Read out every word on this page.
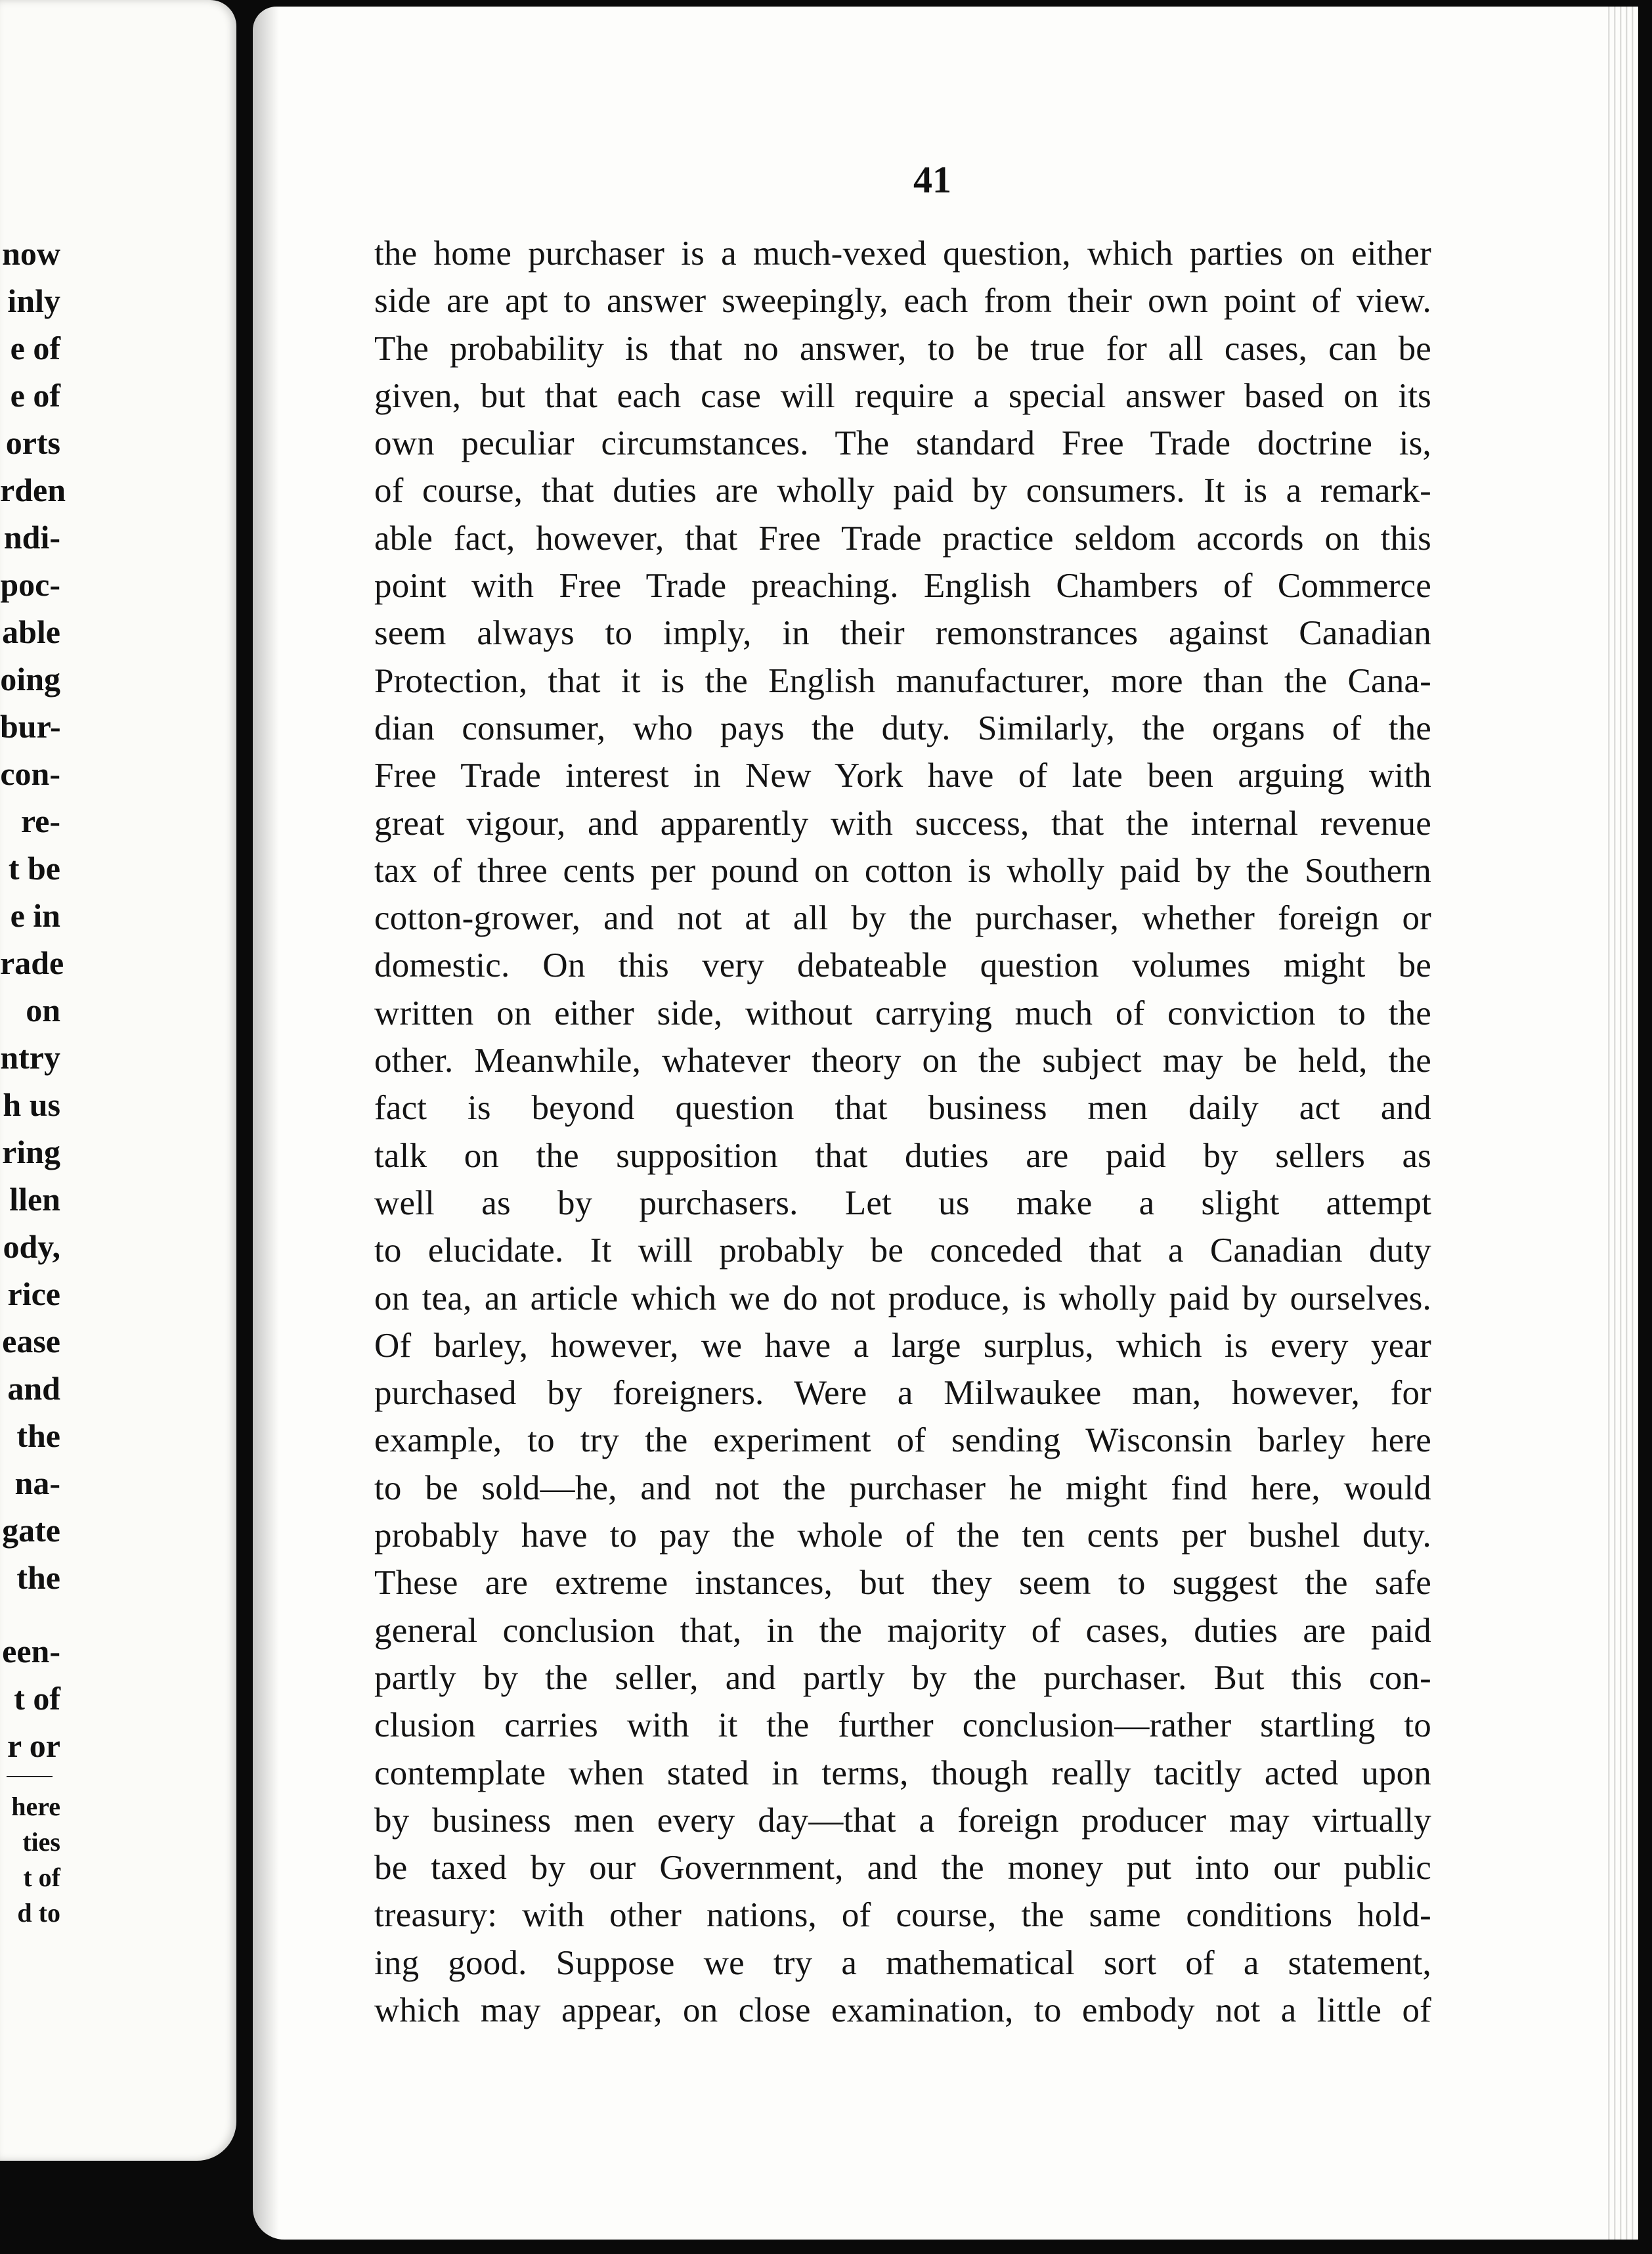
now
inly
e of
e of
orts
rden
ndi-
poc-
able
oing
bur-
con-
re-
t be
e in
rade
on
ntry
h us
ring
llen
ody,
rice
ease
and
the
na-
gate
the
een-
t of
r or
here
ties
t of
d to
41
the home purchaser is a much-vexed question, which parties on either
side are apt to answer sweepingly, each from their own point of view.
The probability is that no answer, to be true for all cases, can be
given, but that each case will require a special answer based on its
own peculiar circumstances. The standard Free Trade doctrine is,
of course, that duties are wholly paid by consumers. It is a remark-
able fact, however, that Free Trade practice seldom accords on this
point with Free Trade preaching. English Chambers of Commerce
seem always to imply, in their remonstrances against Canadian
Protection, that it is the English manufacturer, more than the Cana-
dian consumer, who pays the duty. Similarly, the organs of the
Free Trade interest in New York have of late been arguing with
great vigour, and apparently with success, that the internal revenue
tax of three cents per pound on cotton is wholly paid by the Southern
cotton-grower, and not at all by the purchaser, whether foreign or
domestic. On this very debateable question volumes might be
written on either side, without carrying much of conviction to the
other. Meanwhile, whatever theory on the subject may be held, the
fact is beyond question that business men daily act and
talk on the supposition that duties are paid by sellers as
well as by purchasers. Let us make a slight attempt
to elucidate. It will probably be conceded that a Canadian duty
on tea, an article which we do not produce, is wholly paid by ourselves.
Of barley, however, we have a large surplus, which is every year
purchased by foreigners. Were a Milwaukee man, however, for
example, to try the experiment of sending Wisconsin barley here
to be sold—he, and not the purchaser he might find here, would
probably have to pay the whole of the ten cents per bushel duty.
These are extreme instances, but they seem to suggest the safe
general conclusion that, in the majority of cases, duties are paid
partly by the seller, and partly by the purchaser. But this con-
clusion carries with it the further conclusion—rather startling to
contemplate when stated in terms, though really tacitly acted upon
by business men every day—that a foreign producer may virtually
be taxed by our Government, and the money put into our public
treasury: with other nations, of course, the same conditions hold-
ing good. Suppose we try a mathematical sort of a statement,
which may appear, on close examination, to embody not a little of
